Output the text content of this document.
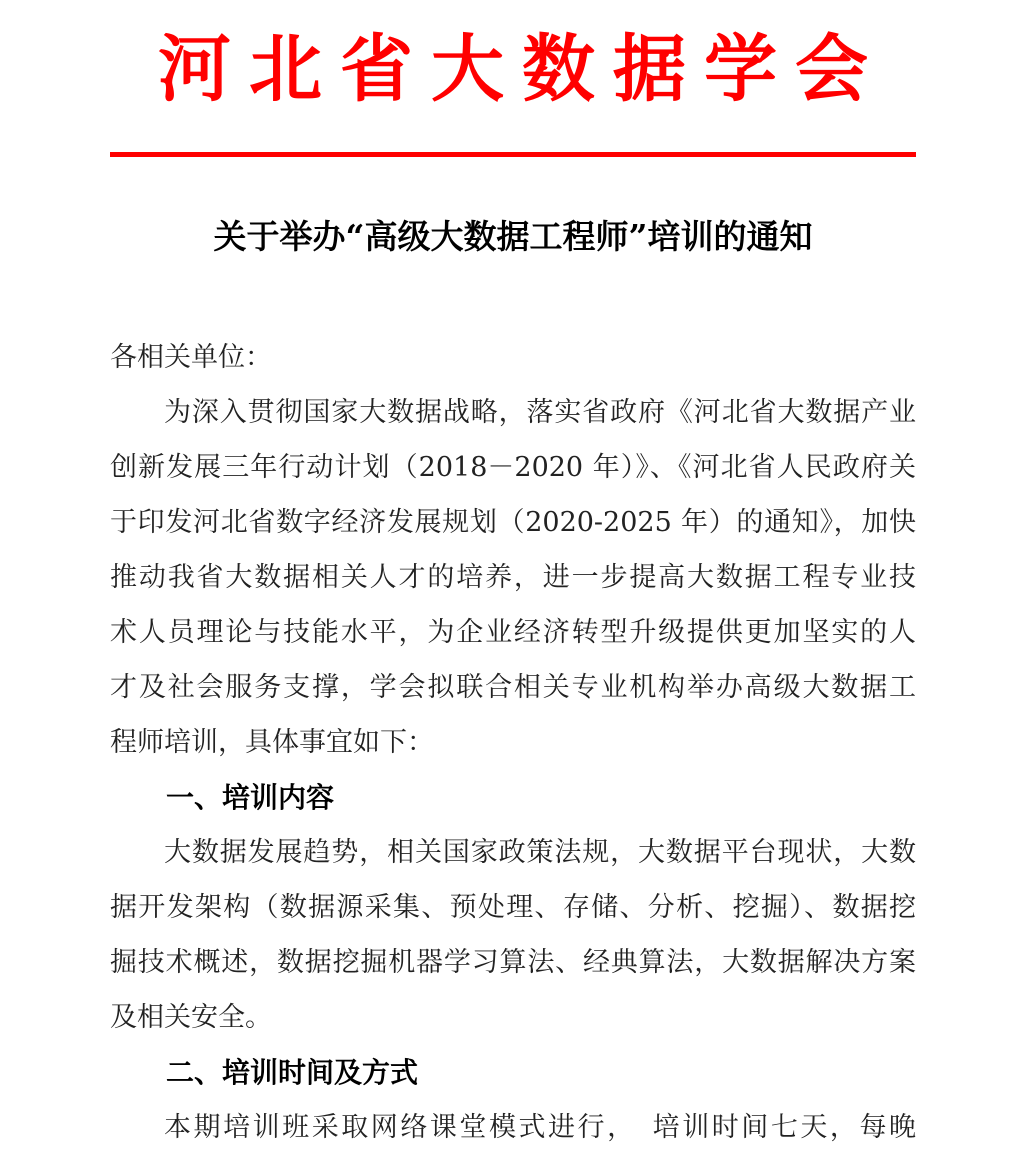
河北省大数据学会
关于举办“高级大数据工程师”培训的通知
各相关单位：
为深入贯彻国家大数据战略，落实省政府《河北省大数据产业
创新发展三年行动计划（2018－2020 年）》、《河北省人民政府关
于印发河北省数字经济发展规划（2020-2025 年）的通知》，加快
推动我省大数据相关人才的培养，进一步提高大数据工程专业技
术人员理论与技能水平，为企业经济转型升级提供更加坚实的人
才及社会服务支撑，学会拟联合相关专业机构举办高级大数据工
程师培训，具体事宜如下：
一、培训内容
大数据发展趋势，相关国家政策法规，大数据平台现状，大数
据开发架构（数据源采集、预处理、存储、分析、挖掘）、数据挖
掘技术概述，数据挖掘机器学习算法、经典算法，大数据解决方案
及相关安全。
二、培训时间及方式
本期培训班采取网络课堂模式进行，　培训时间七天，每晚
